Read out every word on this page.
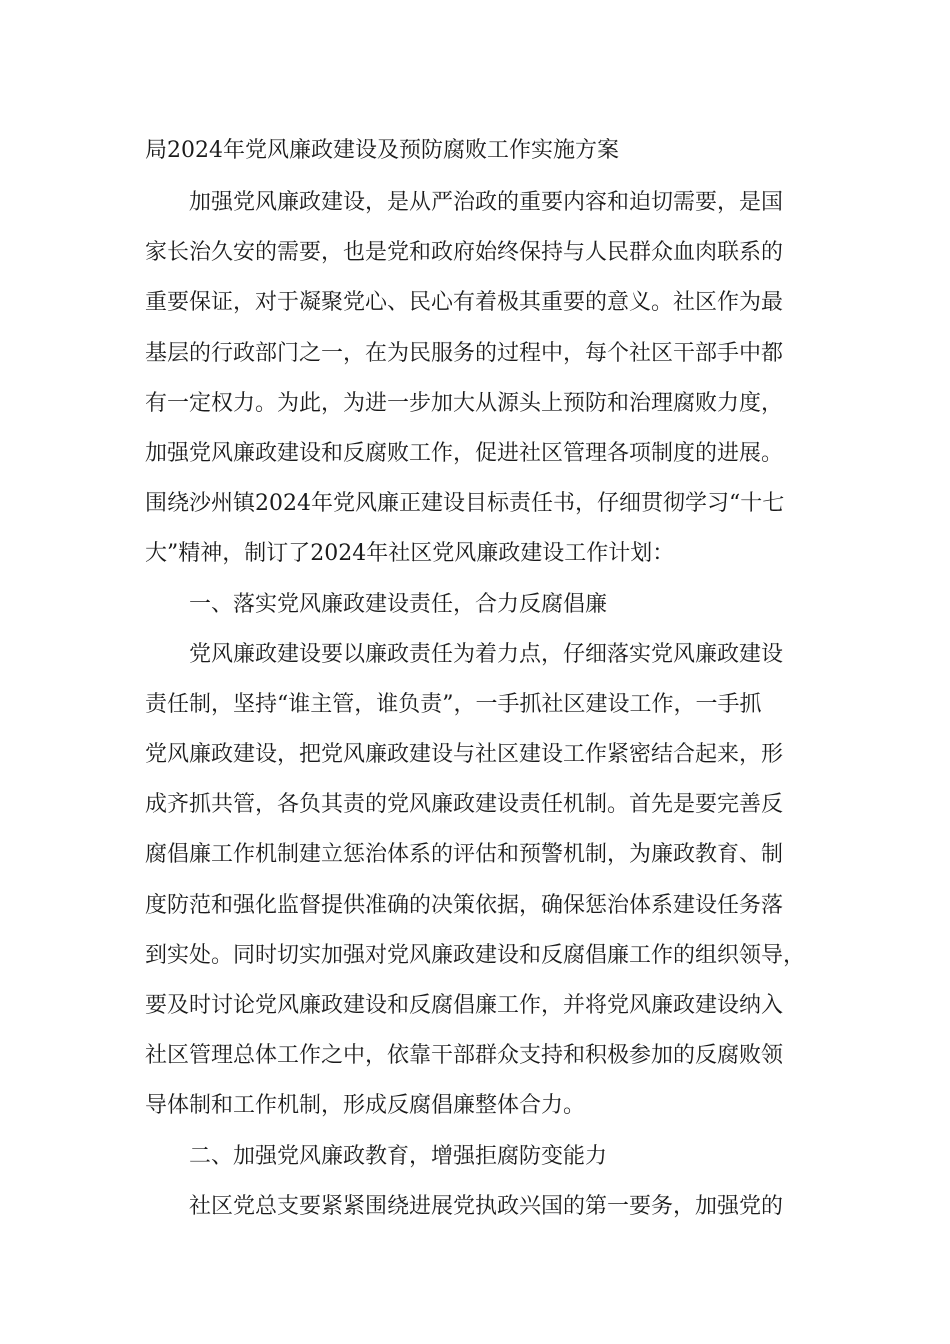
局2024年党风廉政建设及预防腐败工作实施方案
加强党风廉政建设，是从严治政的重要内容和迫切需要，是国
家长治久安的需要，也是党和政府始终保持与人民群众血肉联系的
重要保证，对于凝聚党心、民心有着极其重要的意义。社区作为最
基层的行政部门之一，在为民服务的过程中，每个社区干部手中都
有一定权力。为此，为进一步加大从源头上预防和治理腐败力度，
加强党风廉政建设和反腐败工作，促进社区管理各项制度的进展。
围绕沙州镇2024年党风廉正建设目标责任书，仔细贯彻学习“十七
大”精神，制订了2024年社区党风廉政建设工作计划：
一、落实党风廉政建设责任，合力反腐倡廉
党风廉政建设要以廉政责任为着力点，仔细落实党风廉政建设
责任制，坚持“谁主管，谁负责”，一手抓社区建设工作，一手抓
党风廉政建设，把党风廉政建设与社区建设工作紧密结合起来，形
成齐抓共管，各负其责的党风廉政建设责任机制。首先是要完善反
腐倡廉工作机制建立惩治体系的评估和预警机制，为廉政教育、制
度防范和强化监督提供准确的决策依据，确保惩治体系建设任务落
到实处。同时切实加强对党风廉政建设和反腐倡廉工作的组织领导，
要及时讨论党风廉政建设和反腐倡廉工作，并将党风廉政建设纳入
社区管理总体工作之中，依靠干部群众支持和积极参加的反腐败领
导体制和工作机制，形成反腐倡廉整体合力。
二、加强党风廉政教育，增强拒腐防变能力
社区党总支要紧紧围绕进展党执政兴国的第一要务，加强党的
